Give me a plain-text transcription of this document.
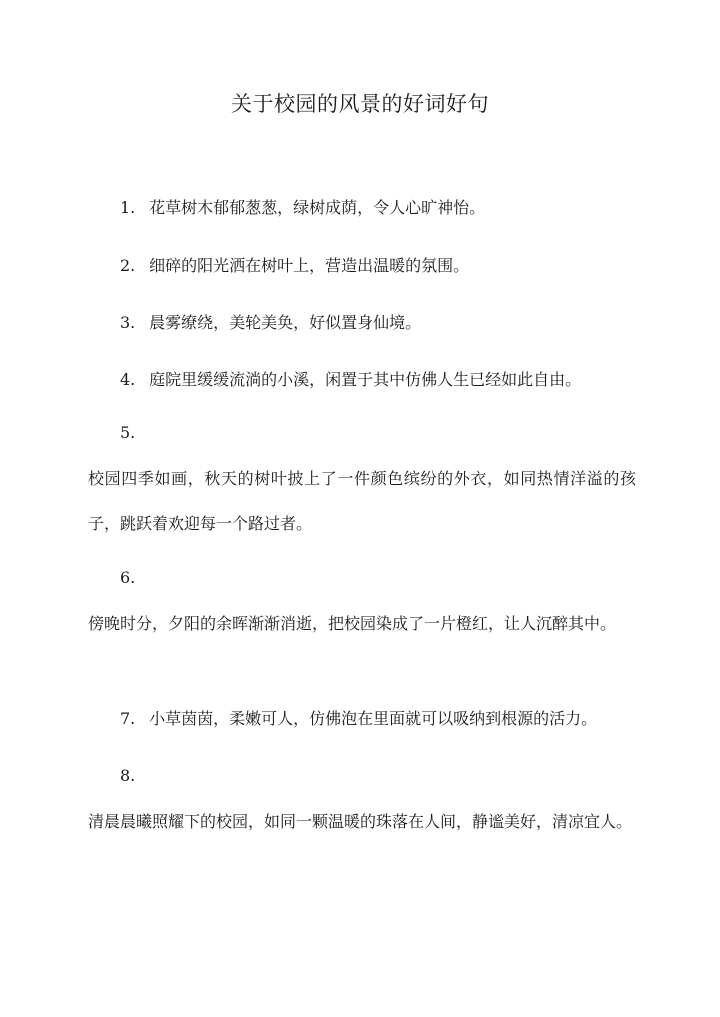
关于校园的风景的好词好句
1. 花草树木郁郁葱葱，绿树成荫，令人心旷神怡。
2. 细碎的阳光洒在树叶上，营造出温暖的氛围。
3. 晨雾缭绕，美轮美奂，好似置身仙境。
4. 庭院里缓缓流淌的小溪，闲置于其中仿佛人生已经如此自由。
5.
校园四季如画，秋天的树叶披上了一件颜色缤纷的外衣，如同热情洋溢的孩子，跳跃着欢迎每一个路过者。
6.
傍晚时分，夕阳的余晖渐渐消逝，把校园染成了一片橙红，让人沉醉其中。
7. 小草茵茵，柔嫩可人，仿佛泡在里面就可以吸纳到根源的活力。
8.
清晨晨曦照耀下的校园，如同一颗温暖的珠落在人间，静谧美好，清凉宜人。
